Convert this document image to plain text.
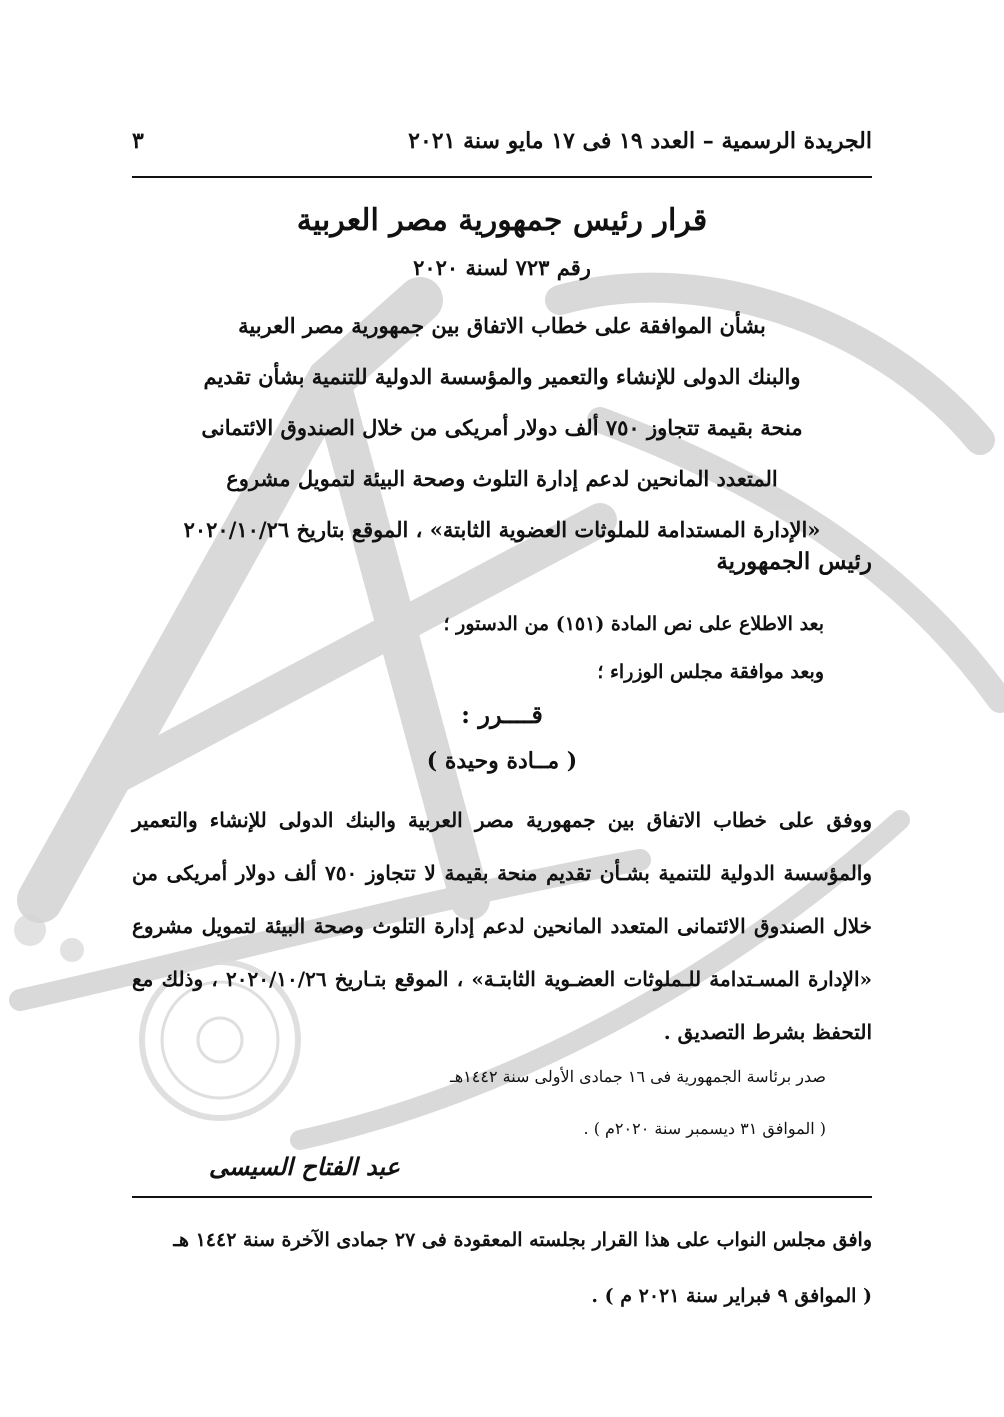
الجريدة الرسمية – العدد ١٩ فى ١٧ مايو سنة ٢٠٢١
٣
قرار رئيس جمهورية مصر العربية
رقم ٧٢٣ لسنة ٢٠٢٠

بشأن الموافقة على خطاب الاتفاق بين جمهورية مصر العربية

والبنك الدولى للإنشاء والتعمير والمؤسسة الدولية للتنمية بشأن تقديم

منحة بقيمة تتجاوز ٧٥٠ ألف دولار أمريكى من خلال الصندوق الائتمانى

المتعدد المانحين لدعم إدارة التلوث وصحة البيئة لتمويل مشروع

«الإدارة المستدامة للملوثات العضوية الثابتة» ، الموقع بتاريخ ٢٠٢٠/١٠/٢٦

رئيس الجمهورية

بعد الاطلاع على نص المادة (١٥١) من الدستور ؛

وبعد موافقة مجلس الوزراء ؛

قــــرر :
( مــادة وحيدة )
ووفق على خطاب الاتفاق بين جمهورية مصر العربية والبنك الدولى للإنشاء والتعمير والمؤسسة الدولية للتنمية بشـأن تقديم منحة بقيمة لا تتجاوز ٧٥٠ ألف دولار أمريكى من خلال الصندوق الائتمانى المتعدد المانحين لدعم إدارة التلوث وصحة البيئة لتمويل مشروع «الإدارة المسـتدامة للـملوثات العضـوية الثابتـة» ، الموقع بتـاريخ ٢٠٢٠/١٠/٢٦ ، وذلك مع التحفظ بشرط التصديق .

صدر برئاسة الجمهورية فى ١٦ جمادى الأولى سنة ١٤٤٢هـ

( الموافق ٣١ ديسمبر سنة ٢٠٢٠م ) .

عبد الفتاح السيسى

وافق مجلس النواب على هذا القرار بجلسته المعقودة فى ٢٧ جمادى الآخرة سنة ١٤٤٢ هـ

( الموافق ٩ فبراير سنة ٢٠٢١ م ) .
